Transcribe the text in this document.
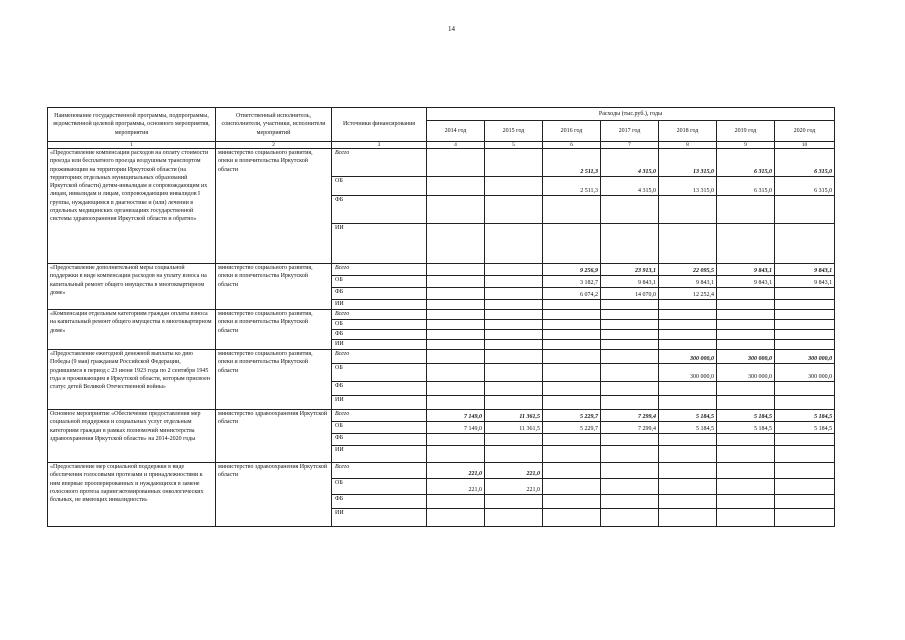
14
Наименование государственной программы, подпрограммы, ведомственной целевой программы, основного мероприятия, мероприятия	Ответственный исполнитель, соисполнители, участники, исполнители мероприятий	Источники финансирования	Расходы (тыс.руб.), годы						
			2014 год	2015 год	2016 год	2017 год	2018 год	2019 год	2020 год
1	2	3	4	5	6	7	8	9	10
«Предоставление компенсации расходов на оплату стоимости проезда или бесплатного проезда воздушным транспортом проживающим на территории Иркутской области (на территориях отдельных муниципальных образований Иркутской области) детям-инвалидам и сопровождающим их лицам, инвалидам и лицам, сопровождающим инвалидов I группы, нуждающимся в диагностике и (или) лечении в отдельных медицинских организациях государственной системы здравоохранения Иркутской области и обратно»	министерство социального развития, опеки и попечительства Иркутской области	Всего			2 511,3	4 315,0	13 315,0	6 315,0	6 315,0
		ОБ			2 511,3	4 315,0	13 315,0	6 315,0	6 315,0
		ФБ							
		ИИ							
«Предоставление дополнительной меры социальной поддержки в виде компенсации расходов на уплату взноса на капитальный ремонт общего имущества в многоквартирном доме»	министерство социального развития, опеки и попечительства Иркутской области	Всего			9 256,9	23 913,1	22 095,5	9 843,1	9 843,1
		ОБ			3 182,7	9 843,1	9 843,1	9 843,1	9 843,1
		ФБ			6 074,2	14 070,0	12 252,4		
		ИИ							
«Компенсация отдельным категориям граждан оплаты взноса на капитальный ремонт общего имущества в многоквартирном доме»	министерство социального развития, опеки и попечительства Иркутской области	Всего							
		ОБ							
		ФБ							
		ИИ							
«Предоставление ежегодной денежной выплаты ко дню Победы (9 мая) гражданам Российской Федерации, родившимся в период с 23 июня 1923 года по 2 сентября 1945 года и проживающим в Иркутской области, которым присвоен статус детей Великой Отечественной войны»	министерство социального развития, опеки и попечительства Иркутской области	Всего					300 000,0	300 000,0	300 000,0
		ОБ					300 000,0	300 000,0	300 000,0
		ФБ							
		ИИ							
Основное мероприятие «Обеспечение предоставления мер социальной поддержки и социальных услуг отдельным категориям граждан в рамках полномочий министерства здравоохранения Иркутской области» на 2014-2020 годы	министерство здравоохранения Иркутской области	Всего	7 149,0	11 361,5	5 229,7	7 299,4	5 184,5	5 184,5	5 184,5
		ОБ	7 149,0	11 361,5	5 229,7	7 299,4	5 184,5	5 184,5	5 184,5
		ФБ							
		ИИ							
«Предоставление мер социальной поддержки в виде обеспечения голосовыми протезами и принадлежностями к ним впервые прооперированных и нуждающихся в замене голосового протеза ларингэктомированных онкологических больных, не имеющих инвалидности»	министерство здравоохранения Иркутской области	Всего	221,0	221,0					
		ОБ	221,0	221,0					
		ФБ							
		ИИ							
